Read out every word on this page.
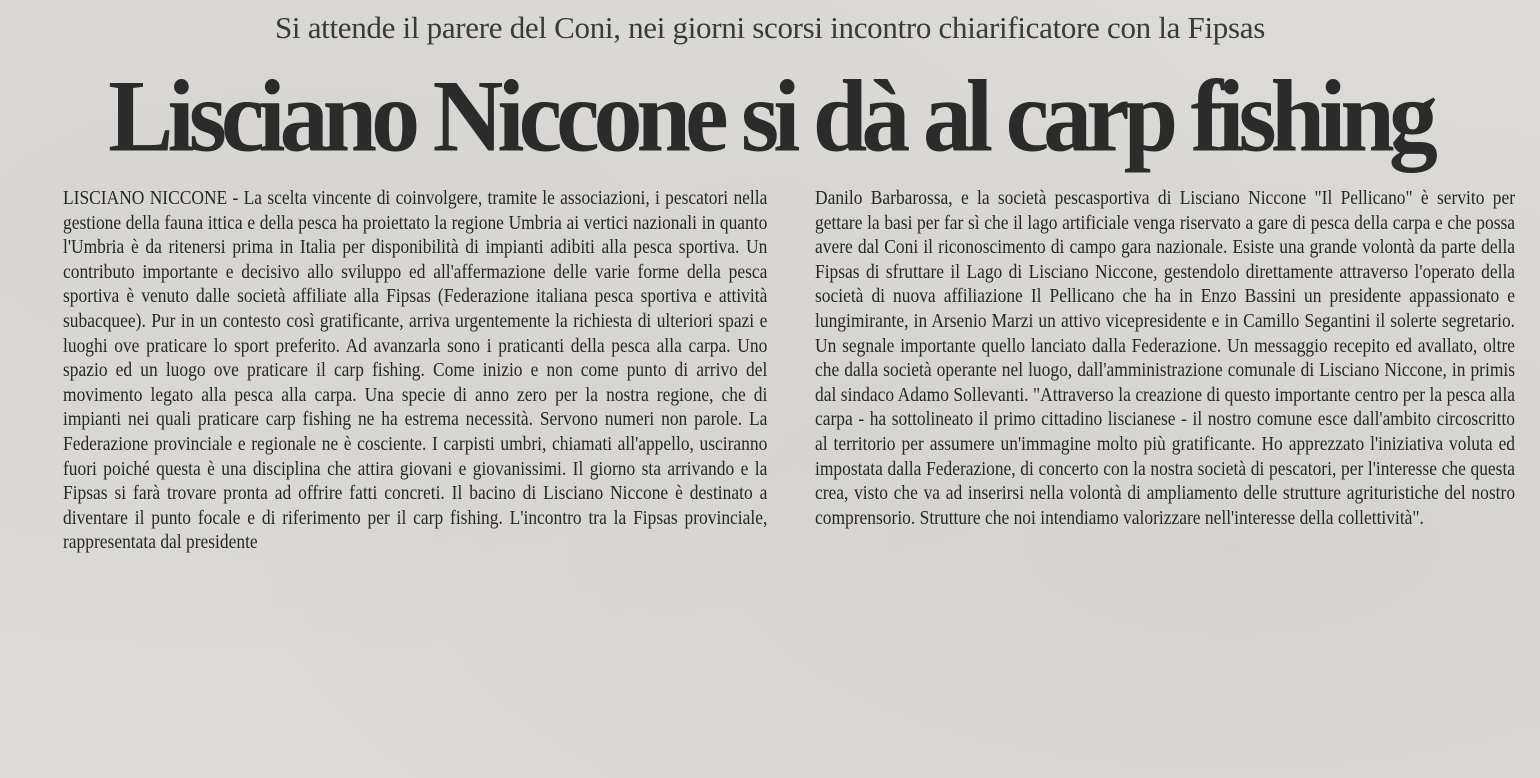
Si attende il parere del Coni, nei giorni scorsi incontro chiarificatore con la Fipsas
Lisciano Niccone si dà al carp fishing

LISCIANO NICCONE - La scelta vincente di coinvolgere, tramite le associazioni, i pescatori nella gestione della fauna ittica e della pesca ha proiettato la regione Umbria ai vertici nazionali in quanto l'Umbria è da ritenersi prima in Italia per disponibilità di impianti adibiti alla pesca sportiva. Un contributo importante e decisivo allo sviluppo ed all'affermazione delle varie forme della pesca sportiva è venuto dalle società affiliate alla Fipsas (Federazione italiana pesca sportiva e attività subacquee). Pur in un contesto così gratificante, arriva urgentemente la richiesta di ulteriori spazi e luoghi ove praticare lo sport preferito. Ad avanzarla sono i praticanti della pesca alla carpa. Uno spazio ed un luogo ove praticare il carp fishing. Come inizio e non come punto di arrivo del movimento legato alla pesca alla carpa. Una specie di anno zero per la nostra regione, che di impianti nei quali praticare carp fishing ne ha estrema necessità. Servono numeri non parole. La Federazione provinciale e regionale ne è cosciente. I carpisti umbri, chiamati all'appello, usciranno fuori poiché questa è una disciplina che attira giovani e giovanissimi. Il giorno sta arrivando e la Fipsas si farà trovare pronta ad offrire fatti concreti. Il bacino di Lisciano Niccone è destinato a diventare il punto focale e di riferimento per il carp fishing. L'incontro tra la Fipsas provinciale, rappresentata dal presidente

Danilo Barbarossa, e la società pescasportiva di Lisciano Niccone "Il Pellicano" è servito per gettare la basi per far sì che il lago artificiale venga riservato a gare di pesca della carpa e che possa avere dal Coni il riconoscimento di campo gara nazionale. Esiste una grande volontà da parte della Fipsas di sfruttare il Lago di Lisciano Niccone, gestendolo direttamente attraverso l'operato della società di nuova affiliazione Il Pellicano che ha in Enzo Bassini un presidente appassionato e lungimirante, in Arsenio Marzi un attivo vicepresidente e in Camillo Segantini il solerte segretario. Un segnale importante quello lanciato dalla Federazione. Un messaggio recepito ed avallato, oltre che dalla società operante nel luogo, dall'amministrazione comunale di Lisciano Niccone, in primis dal sindaco Adamo Sollevanti. "Attraverso la creazione di questo importante centro per la pesca alla carpa - ha sottolineato il primo cittadino liscianese - il nostro comune esce dall'ambito circoscritto al territorio per assumere un'immagine molto più gratificante. Ho apprezzato l'iniziativa voluta ed impostata dalla Federazione, di concerto con la nostra società di pescatori, per l'interesse che questa crea, visto che va ad inserirsi nella volontà di ampliamento delle strutture agrituristiche del nostro comprensorio. Strutture che noi intendiamo valorizzare nell'interesse della collettività".
